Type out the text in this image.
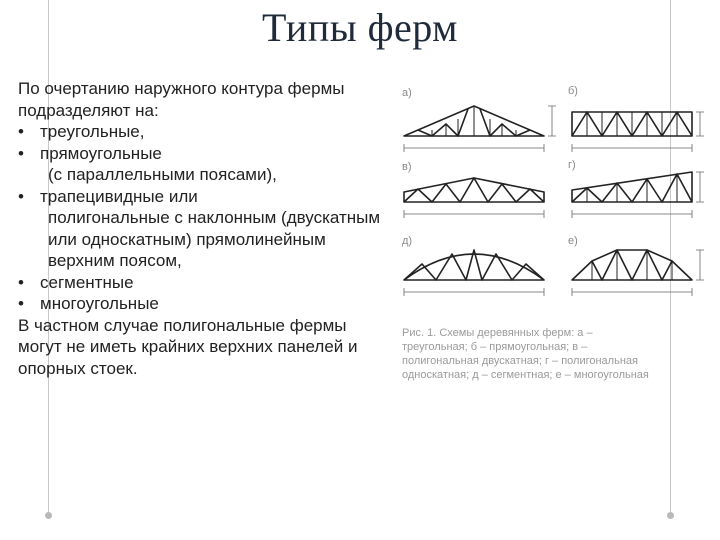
Типы ферм

По очертанию наружного контура фермы подразделяют на:

• треугольные,
• прямоугольные
(с параллельными поясами),
• трапецивидные или
полигональные с наклонным (двускатным или односкатным) прямолинейным верхним поясом,
• сегментные
• многоугольные

В частном случае полигональные фермы могут не иметь крайних верхних панелей и опорных стоек.

а)	б)
в)	г)
д)	е)
Рис. 1. Схемы деревянных ферм: а – треугольная; б – прямоугольная; в – полигональная двускатная; г – полигональная односкатная; д – сегментная; е – многоугольная
